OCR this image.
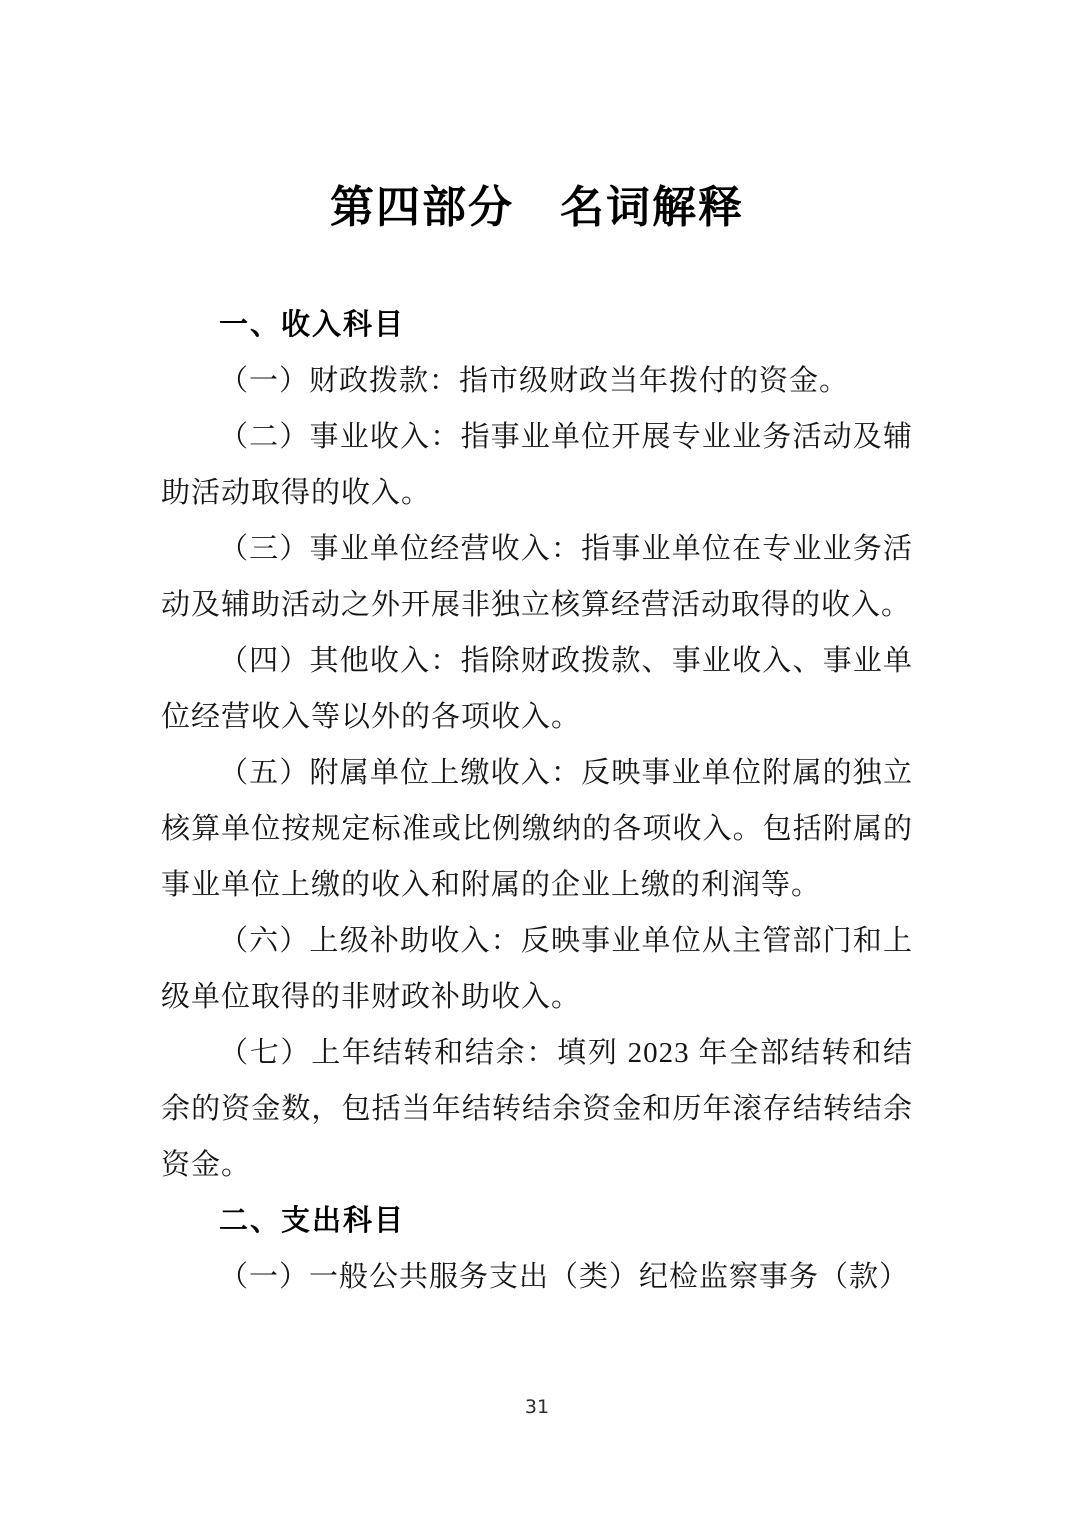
第四部分　名词解释

一、收入科目

（一）财政拨款：指市级财政当年拨付的资金。

（二）事业收入：指事业单位开展专业业务活动及辅助活动取得的收入。

（三）事业单位经营收入：指事业单位在专业业务活动及辅助活动之外开展非独立核算经营活动取得的收入。

（四）其他收入：指除财政拨款、事业收入、事业单位经营收入等以外的各项收入。

（五）附属单位上缴收入：反映事业单位附属的独立核算单位按规定标准或比例缴纳的各项收入。包括附属的事业单位上缴的收入和附属的企业上缴的利润等。

（六）上级补助收入：反映事业单位从主管部门和上级单位取得的非财政补助收入。

（七）上年结转和结余：填列 2023 年全部结转和结余的资金数，包括当年结转结余资金和历年滚存结转结余资金。

二、支出科目

（一）一般公共服务支出（类）纪检监察事务（款）

31
